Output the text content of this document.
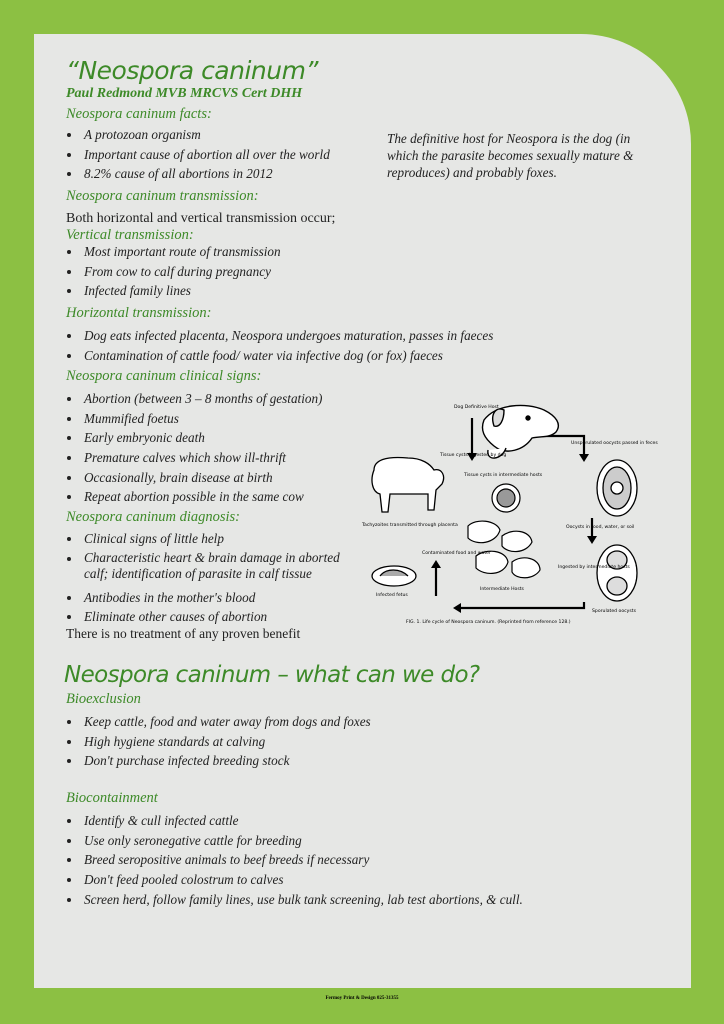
“Neospora caninum”
Paul Redmond MVB MRCVS Cert DHH
Neospora caninum facts:
A protozoan organism
Important cause of abortion all over the world
8.2% cause of all abortions in 2012
The definitive host for Neospora is the dog (in which the parasite becomes sexually mature & reproduces) and probably foxes.
Neospora caninum transmission:
Both horizontal and vertical transmission occur;
Vertical transmission:
Most important route of transmission
From cow to calf during pregnancy
Infected family lines
Horizontal transmission:
Dog eats infected placenta, Neospora undergoes maturation, passes in faeces
Contamination of cattle food/ water via infective dog (or fox) faeces
Neospora caninum clinical signs:
Abortion (between 3 – 8 months of gestation)
Mummified foetus
Early embryonic death
Premature calves which show ill-thrift
Occasionally, brain disease at birth
Repeat abortion possible in the same cow
Neospora caninum diagnosis:
Clinical signs of little help
Characteristic heart & brain damage in aborted calf; identification of parasite in calf tissue
Antibodies in the mother's blood
Eliminate other causes of abortion
There is no treatment of any proven benefit
Dog Definitive Host
Tissue cysts ingested by dog
Unsporulated oocysts passed in feces
Tissue cysts in intermediate hosts
Oocysts in food, water, or soil
Ingested by intermediate hosts
Tachyzoites transmitted through placenta
Contaminated food and water
Infected fetus
Intermediate Hosts
Sporulated oocysts
FIG. 1. Life cycle of Neospora caninum. (Reprinted from reference 128.)
Neospora caninum – what can we do?
Bioexclusion
Keep cattle, food and water away from dogs and foxes
High hygiene standards at calving
Don't purchase infected breeding stock
Biocontainment
Identify & cull infected cattle
Use only seronegative cattle for breeding
Breed seropositive animals to beef breeds if necessary
Don't feed pooled colostrum to calves
Screen herd, follow family lines, use bulk tank screening, lab test abortions, & cull.
Fermoy Print & Design 025-31355
